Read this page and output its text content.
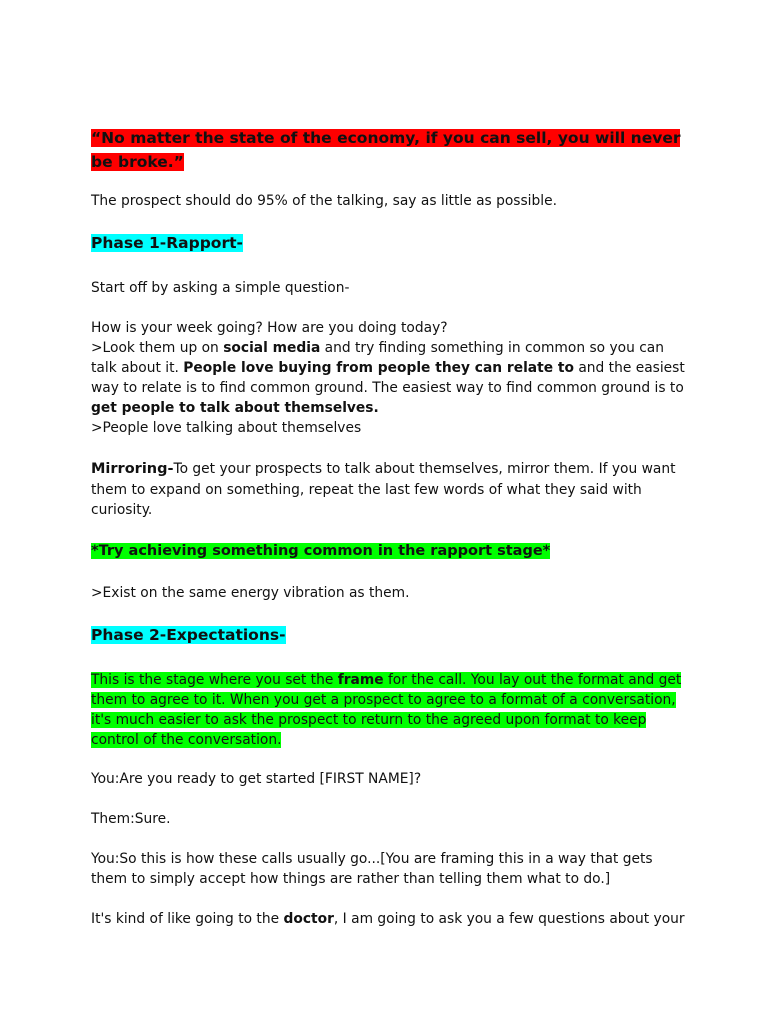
“No matter the state of the economy, if you can sell, you will never be broke.”
The prospect should do 95% of the talking, say as little as possible.
Phase 1-Rapport-
Start off by asking a simple question-
How is your week going? How are you doing today?
>Look them up on social media and try finding something in common so you can talk about it. People love buying from people they can relate to and the easiest way to relate is to find common ground. The easiest way to find common ground is to get people to talk about themselves.
>People love talking about themselves
Mirroring-To get your prospects to talk about themselves, mirror them. If you want them to expand on something, repeat the last few words of what they said with curiosity.
*Try achieving something common in the rapport stage*
>Exist on the same energy vibration as them.
Phase 2-Expectations-
This is the stage where you set the frame for the call. You lay out the format and get them to agree to it. When you get a prospect to agree to a format of a conversation, it's much easier to ask the prospect to return to the agreed upon format to keep control of the conversation.
You:Are you ready to get started [FIRST NAME]?
Them:Sure.
You:So this is how these calls usually go...[You are framing this in a way that gets them to simply accept how things are rather than telling them what to do.]
It's kind of like going to the doctor, I am going to ask you a few questions about your
